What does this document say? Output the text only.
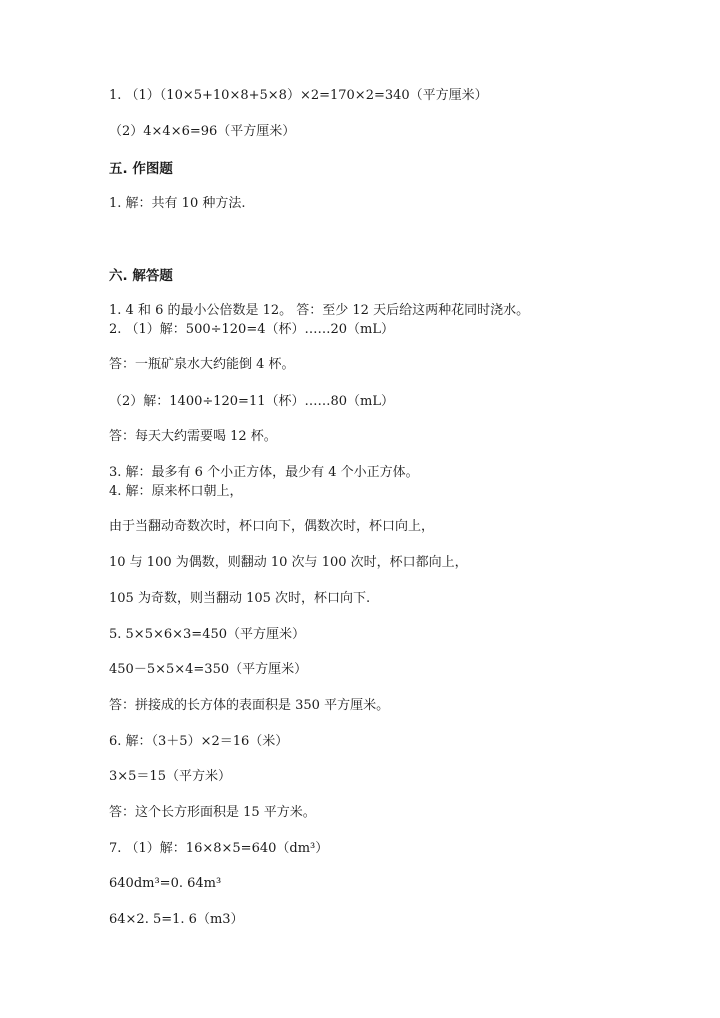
1. （1）（10×5+10×8+5×8）×2=170×2=340（平方厘米）
（2）4×4×6=96（平方厘米）
五. 作图题
1. 解：共有 10 种方法.
六. 解答题
1. 4 和 6 的最小公倍数是 12。 答：至少 12 天后给这两种花同时浇水。
2. （1）解：500÷120=4（杯）……20（mL）
答：一瓶矿泉水大约能倒 4 杯。
（2）解：1400÷120=11（杯）……80（mL）
答：每天大约需要喝 12 杯。
3. 解：最多有 6 个小正方体，最少有 4 个小正方体。
4. 解：原来杯口朝上，
由于当翻动奇数次时，杯口向下，偶数次时，杯口向上，
10 与 100 为偶数，则翻动 10 次与 100 次时，杯口都向上，
105 为奇数，则当翻动 105 次时，杯口向下.
5. 5×5×6×3=450（平方厘米）
450－5×5×4=350（平方厘米）
答：拼接成的长方体的表面积是 350 平方厘米。
6. 解：（3＋5）×2＝16（米）
3×5＝15（平方米）
答：这个长方形面积是 15 平方米。
7. （1）解：16×8×5=640（dm³）
640dm³=0. 64m³
64×2. 5=1. 6（m3）
